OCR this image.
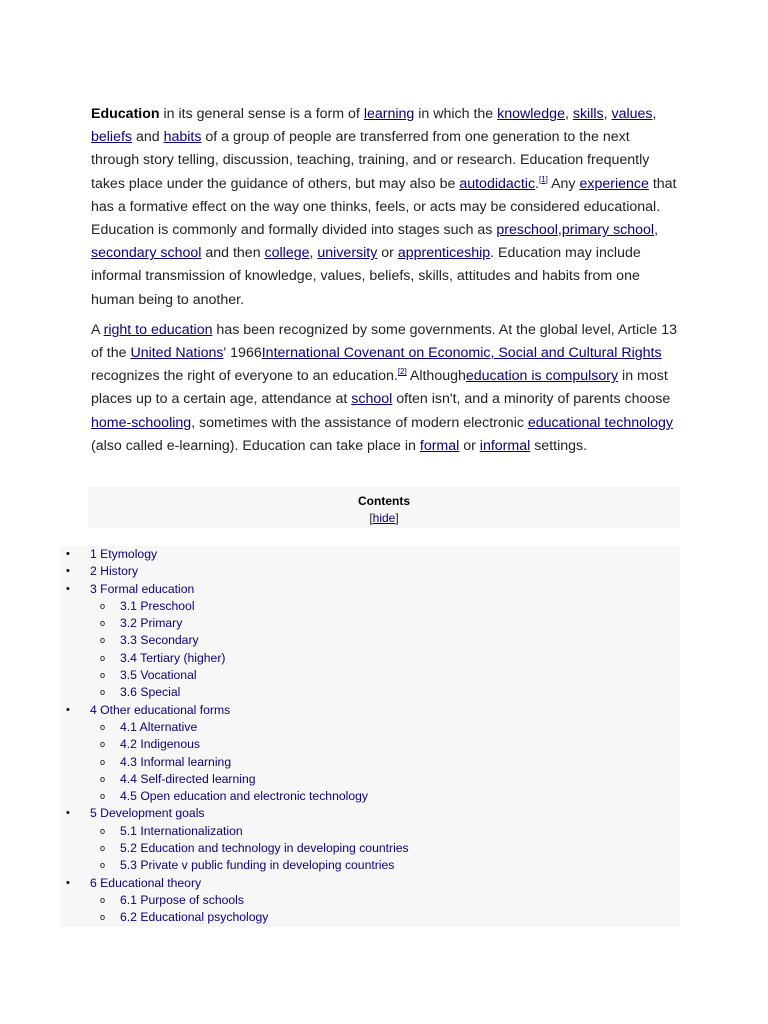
Education in its general sense is a form of learning in which the knowledge, skills, values, beliefs and habits of a group of people are transferred from one generation to the next through story telling, discussion, teaching, training, and or research. Education frequently takes place under the guidance of others, but may also be autodidactic.[1] Any experience that has a formative effect on the way one thinks, feels, or acts may be considered educational. Education is commonly and formally divided into stages such as preschool,primary school, secondary school and then college, university or apprenticeship. Education may include informal transmission of knowledge, values, beliefs, skills, attitudes and habits from one human being to another.

A right to education has been recognized by some governments. At the global level, Article 13 of the United Nations' 1966International Covenant on Economic, Social and Cultural Rights recognizes the right of everyone to an education.[2] Althougheducation is compulsory in most places up to a certain age, attendance at school often isn't, and a minority of parents choose home-schooling, sometimes with the assistance of modern electronic educational technology (also called e-learning). Education can take place in formal or informal settings.

Contents
[hide]
• 1 Etymology
• 2 History
• 3 Formal education
o 3.1 Preschool
o 3.2 Primary
o 3.3 Secondary
o 3.4 Tertiary (higher)
o 3.5 Vocational
o 3.6 Special
• 4 Other educational forms
o 4.1 Alternative
o 4.2 Indigenous
o 4.3 Informal learning
o 4.4 Self-directed learning
o 4.5 Open education and electronic technology
• 5 Development goals
o 5.1 Internationalization
o 5.2 Education and technology in developing countries
o 5.3 Private v public funding in developing countries
• 6 Educational theory
o 6.1 Purpose of schools
o 6.2 Educational psychology
